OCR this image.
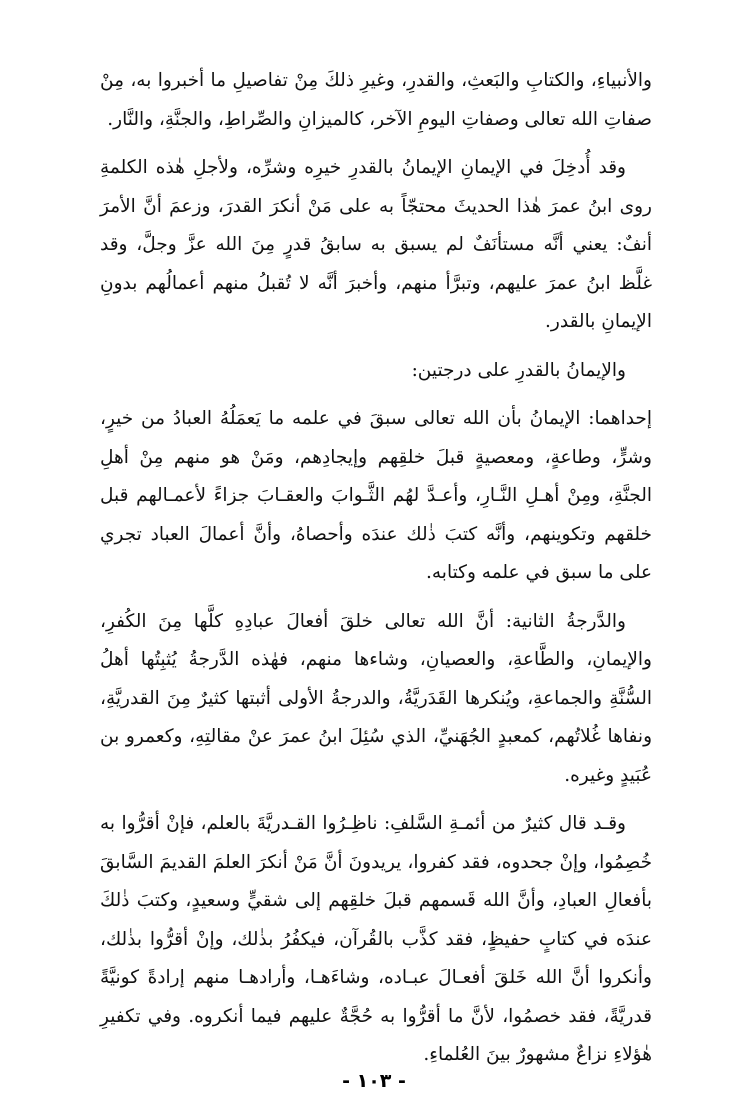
والأنبياءِ، والكتابِ والبَعثِ، والقدرِ، وغيرِ ذلكَ مِنْ تفاصيلِ ما أخبروا به، مِنْ صفاتِ الله تعالى وصفاتِ اليومِ الآخر، كالميزانِ والصِّراطِ، والجنَّةِ، والنَّار.

وقد أُدخِلَ في الإيمانِ الإيمانُ بالقدرِ خيرِه وشرِّه، ولأجلِ هٰذه الكلمةِ روى ابنُ عمرَ هٰذا الحديثَ محتجّاً به على مَنْ أنكرَ القدرَ، وزعمَ أنَّ الأمرَ أنفٌ: يعني أنَّه مستأنَفٌ لم يسبق به سابقُ قدرٍ مِنَ الله عزَّ وجلَّ، وقد غلَّظ ابنُ عمرَ عليهم، وتبرَّأ منهم، وأخبرَ أنَّه لا تُقبلُ منهم أعمالُهم بدونِ الإيمانِ بالقدر.

والإيمانُ بالقدرِ على درجتين:

إحداهما: الإيمانُ بأن الله تعالى سبقَ في علمه ما يَعمَلُهُ العبادُ من خيرٍ، وشرٍّ، وطاعةٍ، ومعصيةٍ قبلَ خلقِهم وإيجادِهم، ومَنْ هو منهم مِنْ أهلِ الجنَّةِ، ومِنْ أهـلِ النَّـارِ، وأعـدَّ لهُم الثَّـوابَ والعقـابَ جزاءً لأعمـالهم قبل خلقهم وتكوينهم، وأنَّه كتبَ ذٰلك عندَه وأحصاهُ، وأنَّ أعمالَ العباد تجري على ما سبق في علمه وكتابه.

والدَّرجةُ الثانية: أنَّ الله تعالى خلقَ أفعالَ عبادِهِ كلَّها مِنَ الكُفرِ، والإيمانِ، والطَّاعةِ، والعصيانِ، وشاءها منهم، فهٰذه الدَّرجةُ يُثبِتُها أهلُ السُّنَّةِ والجماعةِ، ويُنكرها القَدَريَّةُ، والدرجةُ الأولى أثبتها كثيرٌ مِنَ القدريَّةِ، ونفاها غُلاتُهم، كمعبدٍ الجُهَنيِّ، الذي سُئِلَ ابنُ عمرَ عنْ مقالتِهِ، وكعمرو بن عُبَيدٍ وغيره.

وقـد قال كثيرٌ من أئمـةِ السَّلفِ: ناظِـرُوا القـدريَّةَ بالعلم، فإنْ أقرُّوا به خُصِمُوا، وإنْ جحدوه، فقد كفروا، يريدونَ أنَّ مَنْ أنكرَ العلمَ القديمَ السَّابقَ بأفعالِ العبادِ، وأنَّ الله قَسمهم قبلَ خلقِهم إلى شقيٍّ وسعيدٍ، وكتبَ ذٰلكَ عندَه في كتابٍ حفيظٍ، فقد كذَّب بالقُرآن، فيكفُرُ بذٰلك، وإنْ أقرُّوا بذٰلك، وأنكروا أنَّ الله خَلقَ أفعـالَ عبـاده، وشاءَهـا، وأرادهـا منهم إرادةً كونيَّةً قدريَّةً، فقد خصمُوا، لأنَّ ما أقرُّوا به حُجَّةٌ عليهم فيما أنكروه. وفي تكفيرِ هٰؤلاءِ نزاعٌ مشهورٌ بينَ العُلماءِ.

- ١٠٣ -
